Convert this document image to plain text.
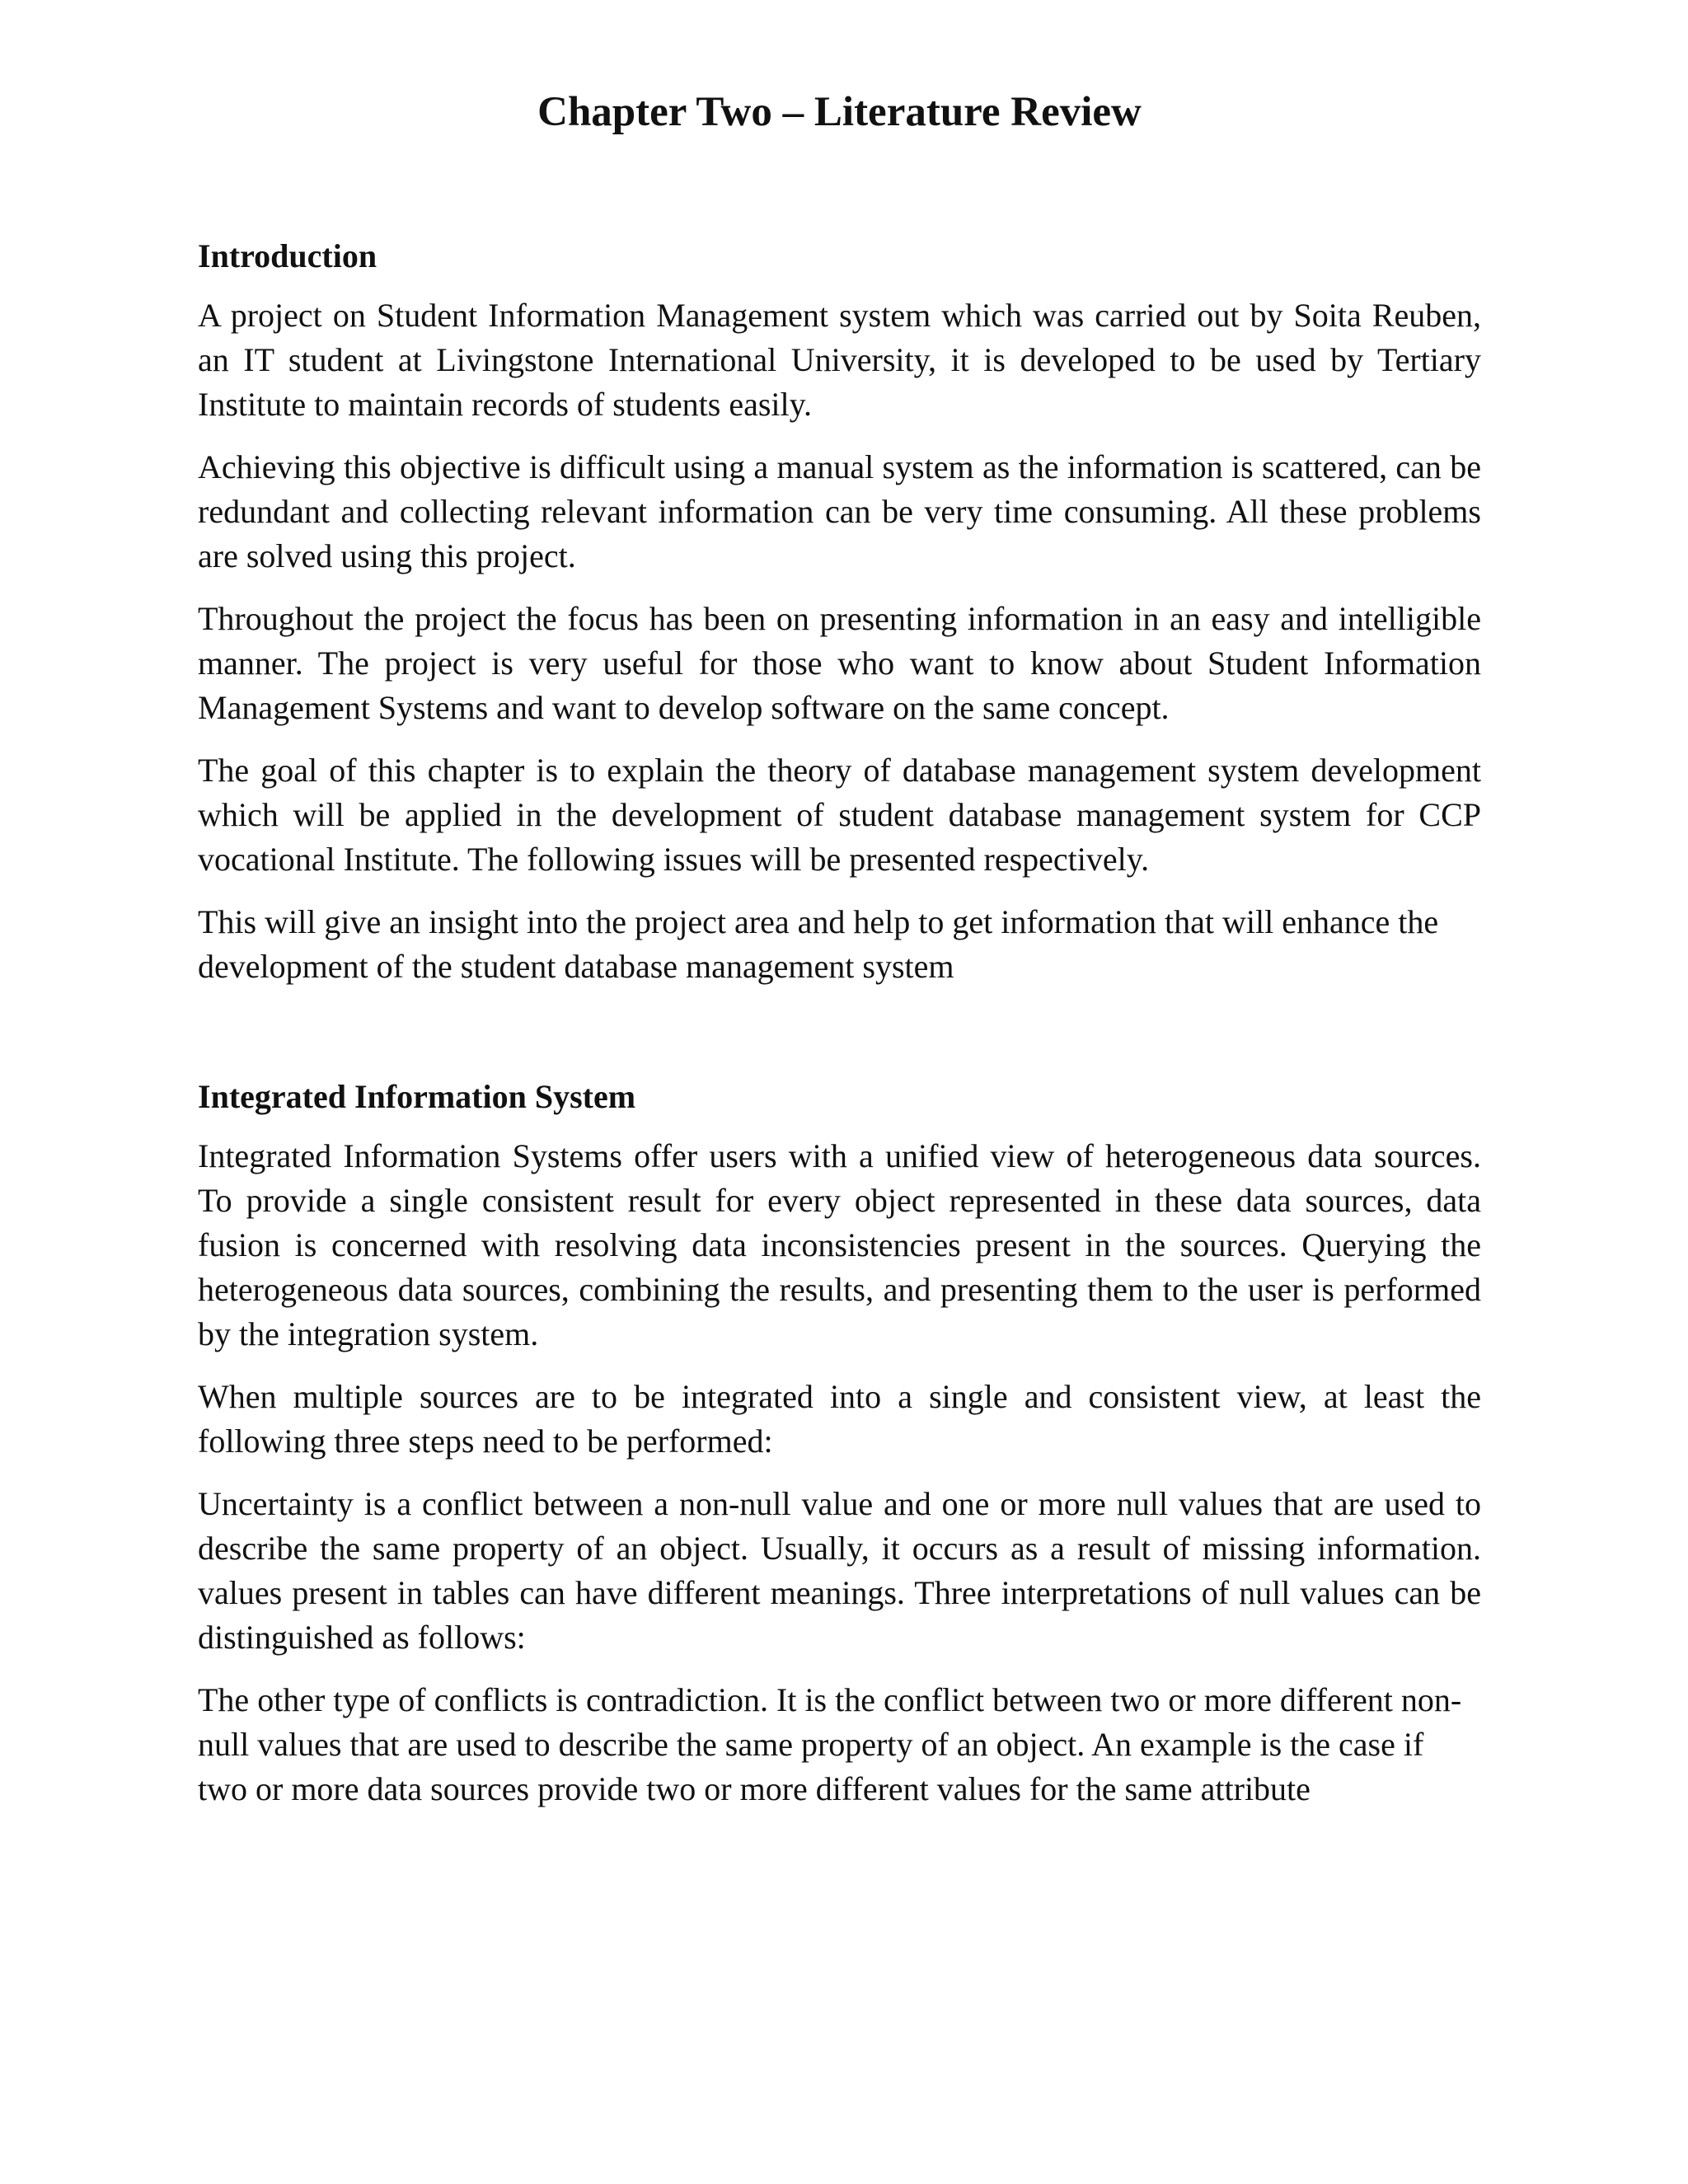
Chapter Two – Literature Review
Introduction

A project on Student Information Management system which was carried out by Soita Reuben, an IT student at Livingstone International University, it is developed to be used by Tertiary Institute to maintain records of students easily.

Achieving this objective is difficult using a manual system as the information is scattered, can be redundant and collecting relevant information can be very time consuming. All these problems are solved using this project.

Throughout the project the focus has been on presenting information in an easy and intelligible manner. The project is very useful for those who want to know about Student Information Management Systems and want to develop software on the same concept.

The goal of this chapter is to explain the theory of database management system development which will be applied in the development of student database management system for CCP vocational Institute. The following issues will be presented respectively.

This will give an insight into the project area and help to get information that will enhance the development of the student database management system

Integrated Information System

Integrated Information Systems offer users with a unified view of heterogeneous data sources. To provide a single consistent result for every object represented in these data sources, data fusion is concerned with resolving data inconsistencies present in the sources. Querying the heterogeneous data sources, combining the results, and presenting them to the user is performed by the integration system.

When multiple sources are to be integrated into a single and consistent view, at least the following three steps need to be performed:

Uncertainty is a conflict between a non-null value and one or more null values that are used to describe the same property of an object. Usually, it occurs as a result of missing information. values present in tables can have different meanings. Three interpretations of null values can be distinguished as follows:

The other type of conflicts is contradiction. It is the conflict between two or more different non-null values that are used to describe the same property of an object. An example is the case if two or more data sources provide two or more different values for the same attribute
